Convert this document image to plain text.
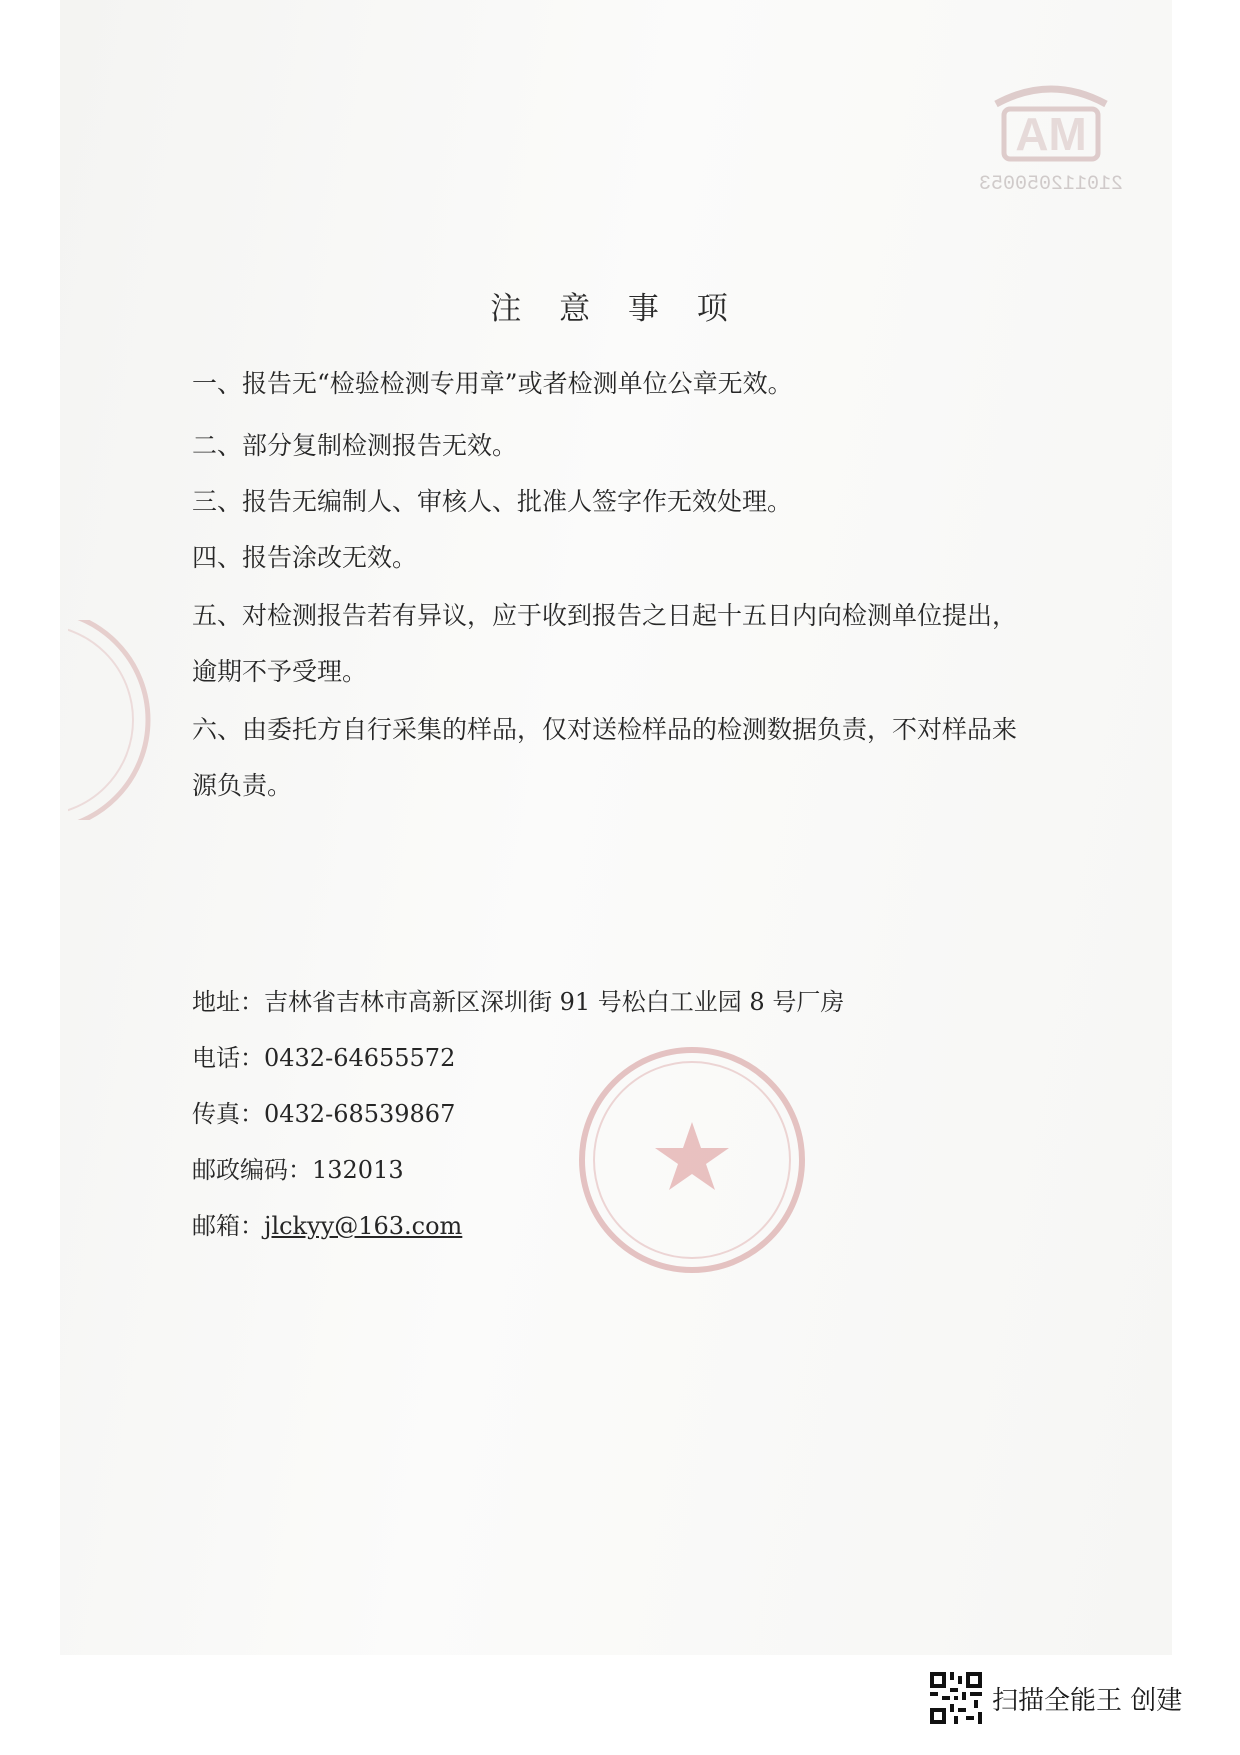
MA
210112050053
注 意 事 项
一、报告无“检验检测专用章”或者检测单位公章无效。
二、部分复制检测报告无效。
三、报告无编制人、审核人、批准人签字作无效处理。
四、报告涂改无效。
五、对检测报告若有异议，应于收到报告之日起十五日内向检测单位提出，
逾期不予受理。
六、由委托方自行采集的样品，仅对送检样品的检测数据负责，不对样品来
源负责。
地址：吉林省吉林市高新区深圳街 91 号松白工业园 8 号厂房
电话：0432-64655572
传真：0432-68539867
邮政编码：132013
邮箱：jlckyy@163.com
扫描全能王 创建
